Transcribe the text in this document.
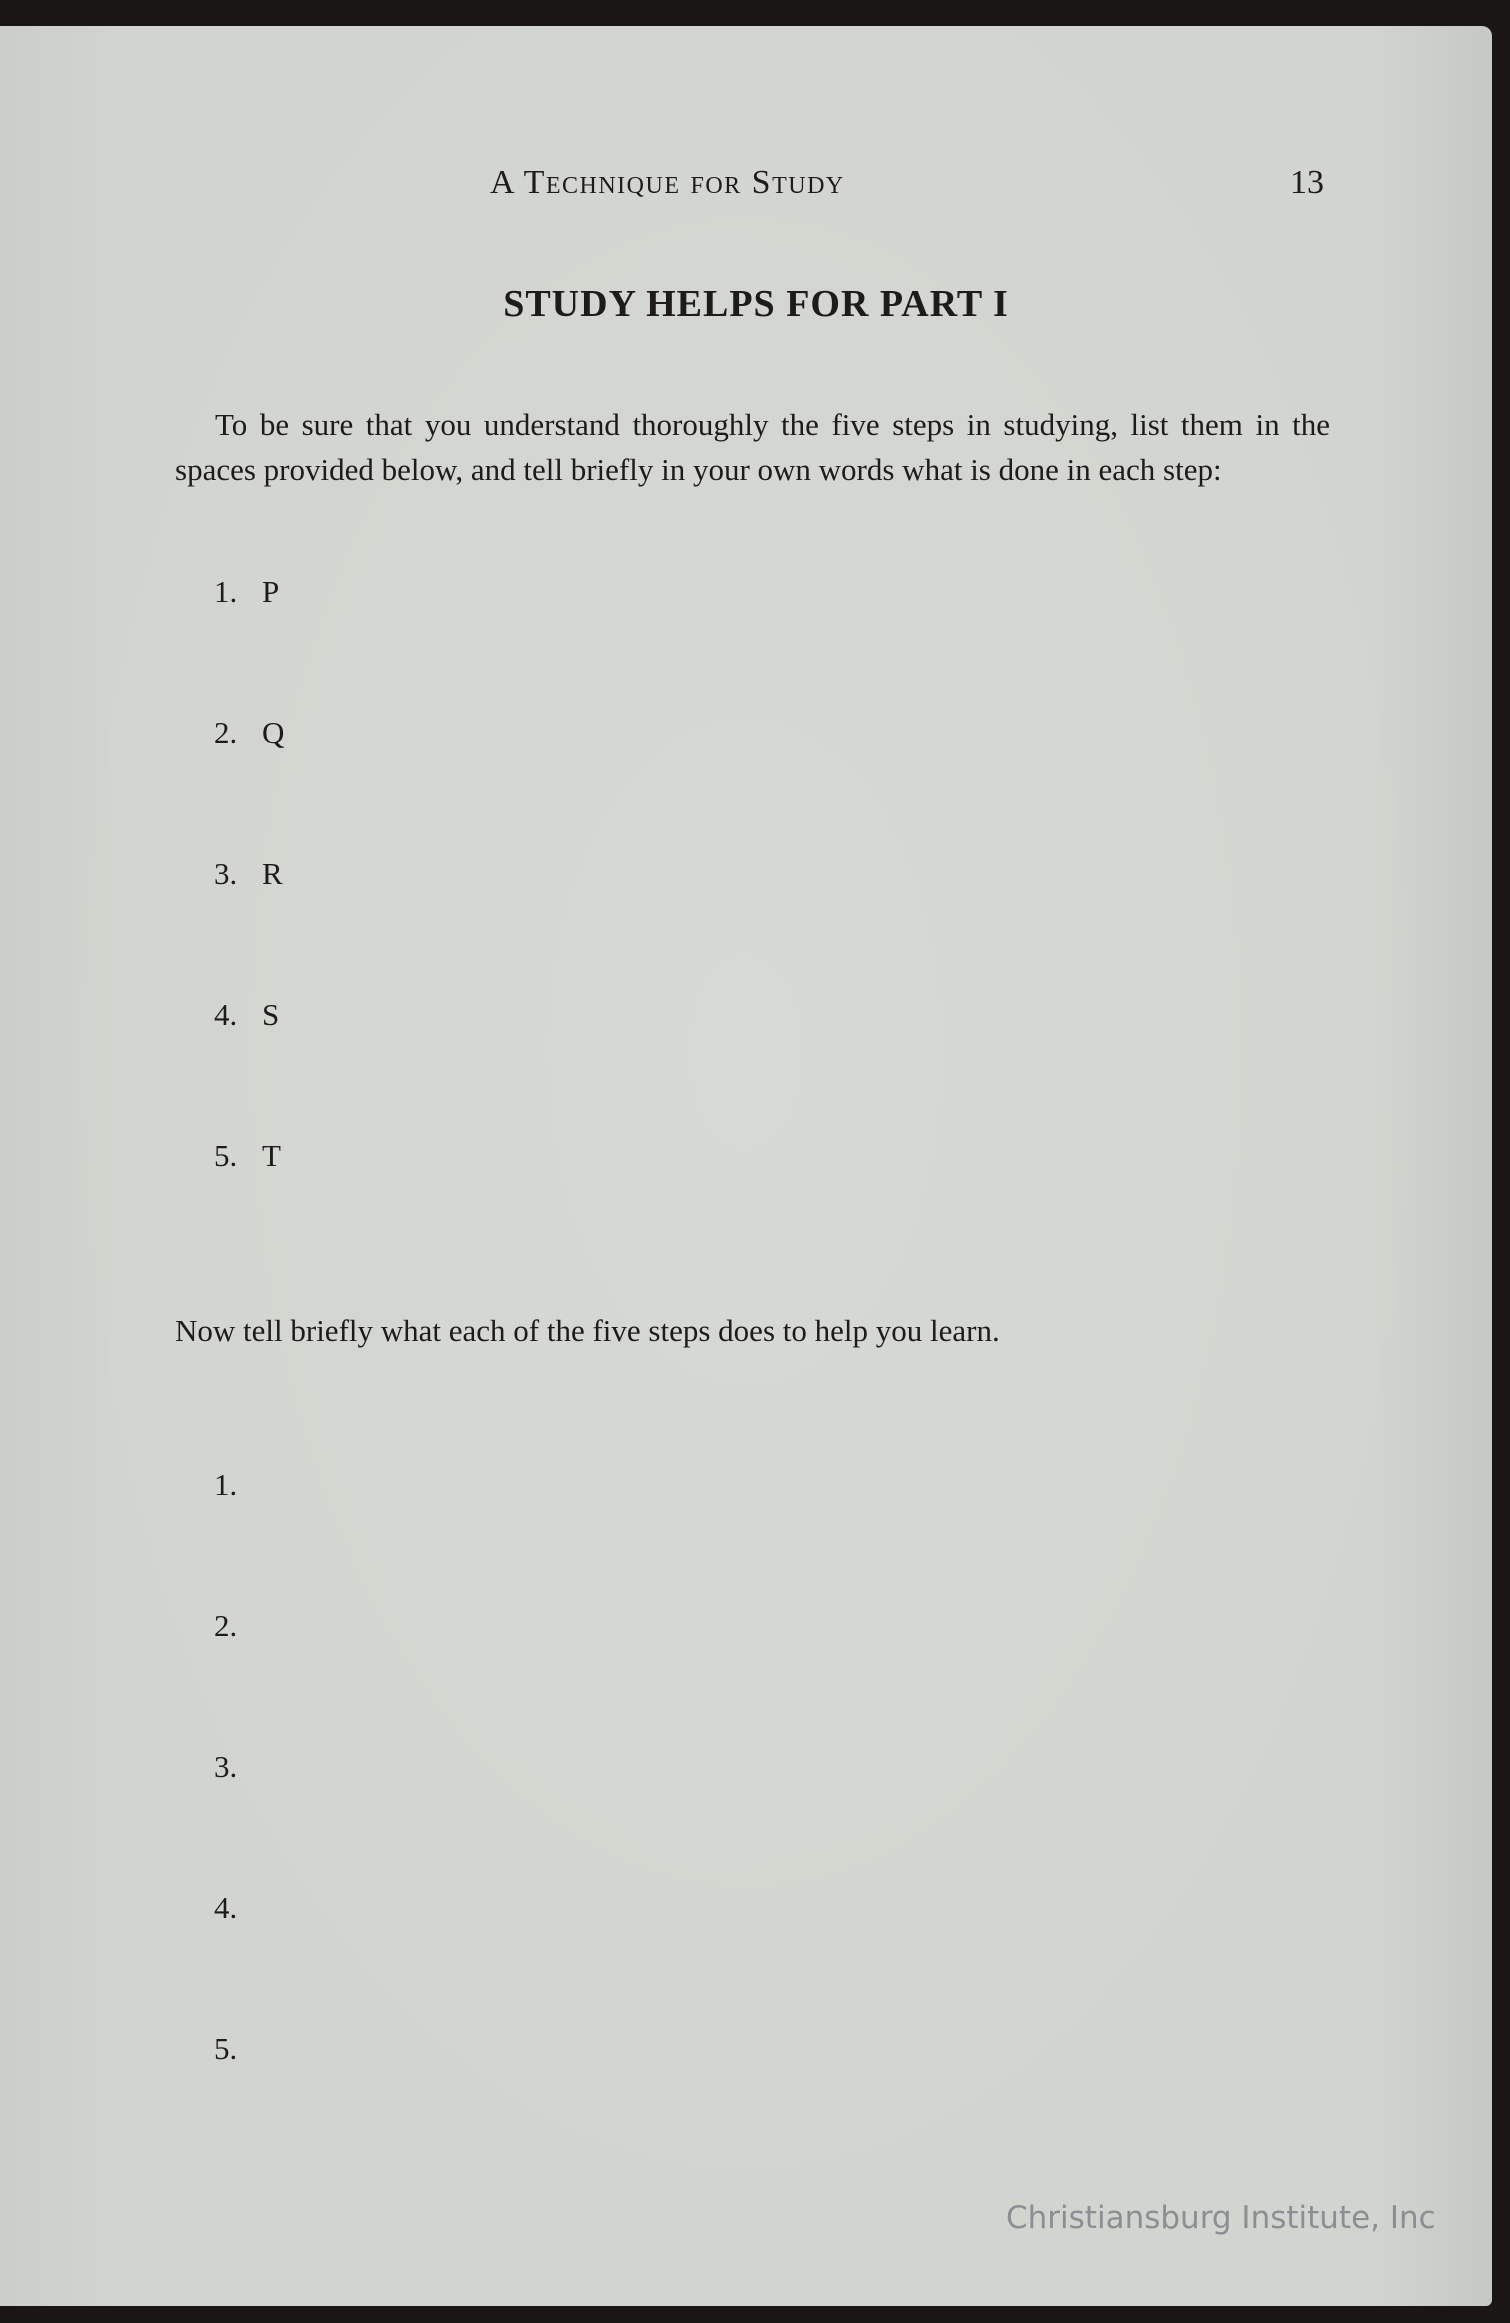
A Technique for Study	13
STUDY HELPS FOR PART I

To be sure that you understand thoroughly the five steps in studying, list them in the spaces provided below, and tell briefly in your own words what is done in each step:

1. P
2. Q
3. R
4. S
5. T

Now tell briefly what each of the five steps does to help you learn.

1.
2.
3.
4.
5.
Christiansburg Institute, Inc
